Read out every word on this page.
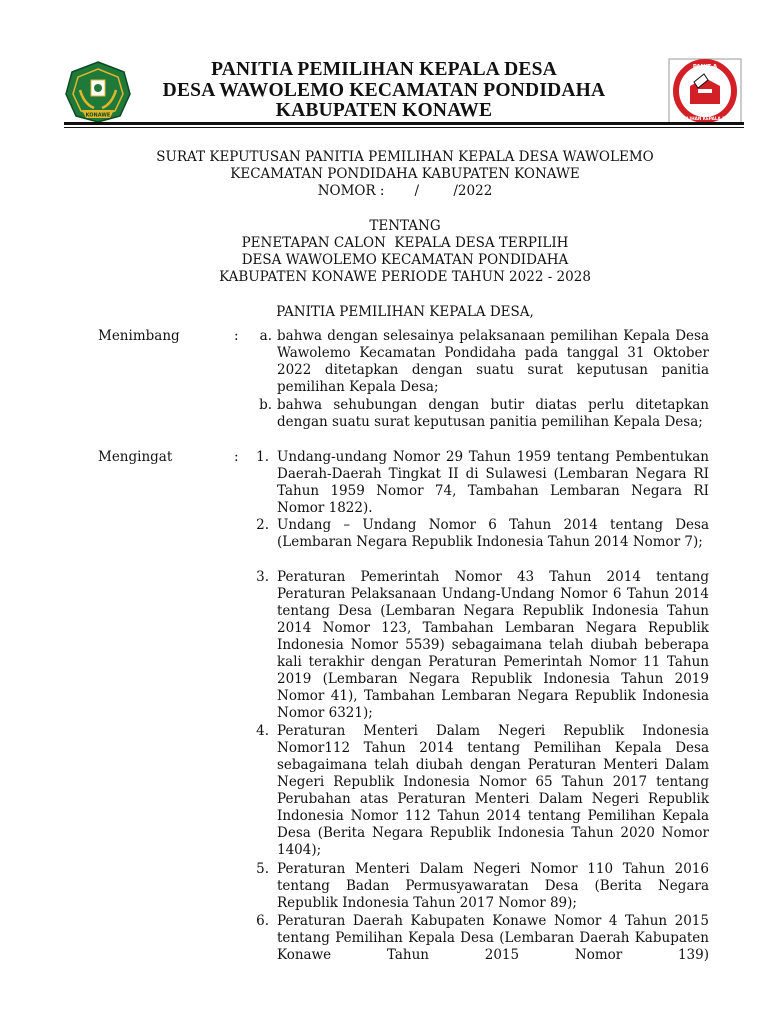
KONAWE
PANITIA PEMILIHAN KEPALA DESA
DESA WAWOLEMO KECAMATAN PONDIDAHA
KABUPATEN KONAWE
PANIT A
PEMILIHAN KEPALA DESA
SURAT KEPUTUSAN PANITIA PEMILIHAN KEPALA DESA WAWOLEMO
KECAMATAN PONDIDAHA KABUPATEN KONAWE
NOMOR :       /        /2022
TENTANG
PENETAPAN CALON  KEPALA DESA TERPILIH
DESA WAWOLEMO KECAMATAN PONDIDAHA
KABUPATEN KONAWE PERIODE TAHUN 2022 - 2028
PANITIA PEMILIHAN KEPALA DESA,
Menimbang	:	a. bahwa dengan selesainya pelaksanaan pemilihan Kepala Desa Wawolemo Kecamatan Pondidaha pada tanggal 31 Oktober 2022 ditetapkan dengan suatu surat keputusan panitia pemilihan Kepala Desa;
b. bahwa sehubungan dengan butir diatas perlu ditetapkan dengan suatu surat keputusan panitia pemilihan Kepala Desa;
Mengingat	:	1. Undang-undang Nomor 29 Tahun 1959 tentang Pembentukan Daerah-Daerah Tingkat II di Sulawesi (Lembaran Negara RI Tahun 1959 Nomor 74, Tambahan Lembaran Negara RI Nomor 1822).
2. Undang – Undang Nomor 6 Tahun 2014 tentang Desa (Lembaran Negara Republik Indonesia Tahun 2014 Nomor 7);
3. Peraturan Pemerintah Nomor 43 Tahun 2014 tentang Peraturan Pelaksanaan Undang-Undang Nomor 6 Tahun 2014 tentang Desa (Lembaran Negara Republik Indonesia Tahun 2014 Nomor 123, Tambahan Lembaran Negara Republik Indonesia Nomor 5539) sebagaimana telah diubah beberapa kali terakhir dengan Peraturan Pemerintah Nomor 11 Tahun 2019 (Lembaran Negara Republik Indonesia Tahun 2019 Nomor 41), Tambahan Lembaran Negara Republik Indonesia Nomor 6321);
4. Peraturan Menteri Dalam Negeri Republik Indonesia Nomor112 Tahun 2014 tentang Pemilihan Kepala Desa sebagaimana telah diubah dengan Peraturan Menteri Dalam Negeri Republik Indonesia Nomor 65 Tahun 2017 tentang Perubahan atas Peraturan Menteri Dalam Negeri Republik Indonesia Nomor 112 Tahun 2014 tentang Pemilihan Kepala Desa (Berita Negara Republik Indonesia Tahun 2020 Nomor 1404);
5. Peraturan Menteri Dalam Negeri Nomor 110 Tahun 2016 tentang Badan Permusyawaratan Desa (Berita Negara Republik Indonesia Tahun 2017 Nomor 89);
6. Peraturan Daerah Kabupaten Konawe Nomor 4 Tahun 2015 tentang Pemilihan Kepala Desa (Lembaran Daerah Kabupaten Konawe Tahun 2015 Nomor 139)
